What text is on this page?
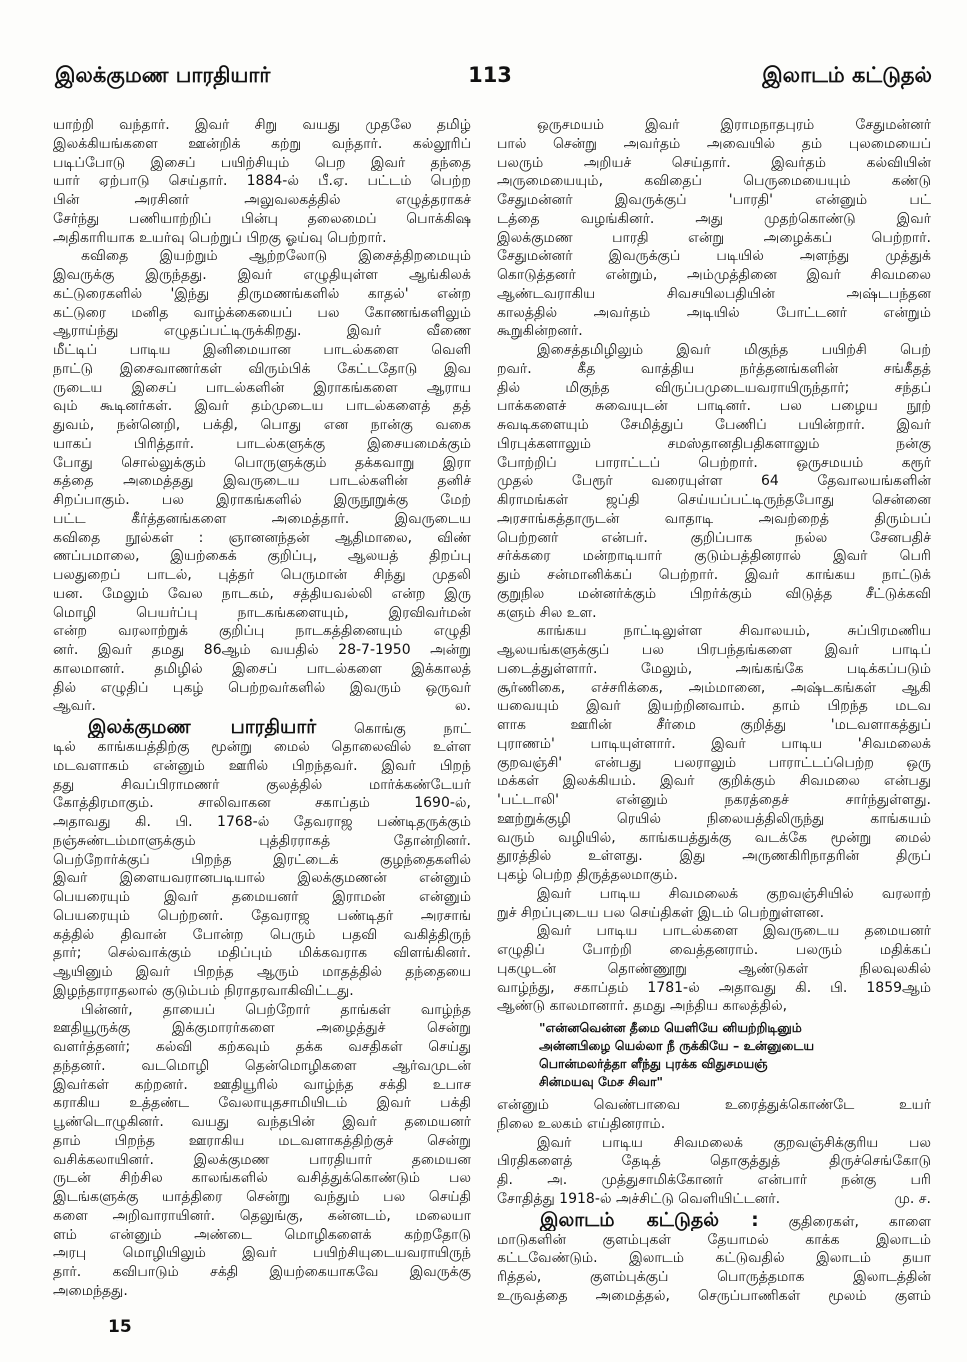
இலக்குமண பாரதியார்	113	இலாடம் கட்டுதல்
யாற்றி வந்தார். இவர் சிறு வயது முதலே தமிழ்
இலக்கியங்களை ஊன்றிக் கற்று வந்தார். கல்லூரிப்
படிப்போடு இசைப் பயிற்சியும் பெற இவர் தந்தை
யார் ஏற்பாடு செய்தார். 1884-ல் பீ.ஏ. பட்டம் பெற்ற
பின் அரசினர் அலுவலகத்தில் எழுத்தராகச்
சேர்ந்து பணியாற்றிப் பின்பு தலைமைப் பொக்கிஷ
அதிகாரியாக உயர்வு பெற்றுப் பிறகு ஓய்வு பெற்றார்.
கவிதை இயற்றும் ஆற்றலோடு இசைத்திறமையும்
இவருக்கு இருந்தது. இவர் எழுதியுள்ள ஆங்கிலக்
கட்டுரைகளில் 'இந்து திருமணங்களில் காதல்' என்ற
கட்டுரை மனித வாழ்க்கையைப் பல கோணங்களிலும்
ஆராய்ந்து எழுதப்பட்டிருக்கிறது. இவர் வீணை
மீட்டிப் பாடிய இனிமையான பாடல்களை வெளி
நாட்டு இசைவாணர்கள் விரும்பிக் கேட்டதோடு இவ
ருடைய இசைப் பாடல்களின் இராகங்களை ஆராய
வும் கூடினர்கள். இவர் தம்முடைய பாடல்களைத் தத்
துவம், நன்னெறி, பக்தி, பொது என நான்கு வகை
யாகப் பிரித்தார். பாடல்களுக்கு இசையமைக்கும்
போது சொல்லுக்கும் பொருளுக்கும் தக்கவாறு இரா
கத்தை அமைத்தது இவருடைய பாடல்களின் தனிச்
சிறப்பாகும். பல இராகங்களில் இருநூறுக்கு மேற்
பட்ட கீர்த்தனங்களை அமைத்தார். இவருடைய
கவிதை நூல்கள் : ஞானனந்தன் ஆதிமாலை, விண்
ணப்பமாலை, இயற்கைக் குறிப்பு, ஆலயத் திறப்பு
பலதுறைப் பாடல், புத்தர் பெருமான் சிந்து முதலி
யன. மேலும் வேல நாடகம், சத்தியவல்லி என்ற இரு
மொழி பெயர்ப்பு நாடகங்களையும், இரவிவர்மன்
என்ற வரலாற்றுக் குறிப்பு நாடகத்தினையும் எழுதி
னர். இவர் தமது 86ஆம் வயதில் 28-7-1950 அன்று
காலமானர். தமிழில் இசைப் பாடல்களை இக்காலத்
தில் எழுதிப் புகழ் பெற்றவர்களில் இவரும் ஒருவர்
ஆவர்.	ல.
இலக்குமண பாரதியார்	கொங்கு நாட்
டில் காங்கயத்திற்கு மூன்று மைல் தொலைவில் உள்ள
மடவளாகம் என்னும் ஊரில் பிறந்தவர். இவர் பிறந்
தது சிவப்பிராமணர் குலத்தில் மார்க்கண்டேயர்
கோத்திரமாகும். சாலிவாகன சகாப்தம் 1690-ல்,
அதாவது கி. பி. 1768-ல் தேவராஜ பண்டிதருக்கும்
நஞ்சுண்டம்மாளுக்கும் புத்திரராகத் தோன்றினர்.
பெற்றோர்க்குப் பிறந்த இரட்டைக் குழந்தைகளில்
இவர் இளையவரானபடியால் இலக்குமணன் என்னும்
பெயரையும் இவர் தமையனர் இராமன் என்னும்
பெயரையும் பெற்றனர். தேவராஜ பண்டிதர் அரசாங்
கத்தில் திவான் போன்ற பெரும் பதவி வகித்திருந்
தார்; செல்வாக்கும் மதிப்பும் மிக்கவராக விளங்கினர்.
ஆயினும் இவர் பிறந்த ஆரும் மாதத்தில் தந்தையை
இழந்தாராதலால் குடும்பம் நிராதரவாகிவிட்டது.
பின்னர், தாயைப் பெற்றோர் தாங்கள் வாழ்ந்த
ஊதியூருக்கு இக்குமாரர்களை அழைத்துச் சென்று
வளர்த்தனர்; கல்வி கற்கவும் தக்க வசதிகள் செய்து
தந்தனர். வடமொழி தென்மொழிகளை ஆர்வமுடன்
இவர்கள் கற்றனர். ஊதியூரில் வாழ்ந்த சக்தி உபாச
கராகிய உத்தண்ட வேலாயுதசாமியிடம் இவர் பக்தி
பூண்டொழுகினர். வயது வந்தபின் இவர் தமையனர்
தாம் பிறந்த ஊராகிய மடவளாகத்திற்குச் சென்று
வசிக்கலாயினர். இலக்குமண பாரதியார் தமையன
ருடன் சிற்சில காலங்களில் வசித்துக்கொண்டும் பல
இடங்களுக்கு யாத்திரை சென்று வந்தும் பல செய்தி
களை அறிவாராயினர். தெலுங்கு, கன்னடம், மலையா
ளம் என்னும் அண்டை மொழிகளைக் கற்றதோடு
அரபு மொழியிலும் இவர் பயிற்சியுடையவராயிருந்
தார். கவிபாடும் சக்தி இயற்கையாகவே இவருக்கு
அமைந்தது.
ஒருசமயம் இவர் இராமநாதபுரம் சேதுமன்னர்
பால் சென்று அவர்தம் அவையில் தம் புலமையைப்
பலரும் அறியச் செய்தார். இவர்தம் கல்வியின்
அருமையையும், கவிதைப் பெருமையையும் கண்டு
சேதுமன்னர் இவருக்குப் 'பாரதி' என்னும் பட்
டத்தை வழங்கினர். அது முதற்கொண்டு இவர்
இலக்குமண பாரதி என்று அழைக்கப் பெற்றார்.
சேதுமன்னர் இவருக்குப் படியில் அளந்து முத்துக்
கொடுத்தனர் என்றும், அம்முத்தினை இவர் சிவமலை
ஆண்டவராகிய சிவசயிலபதியின் அஷ்டபந்தன
காலத்தில் அவர்தம் அடியில் போட்டனர் என்றும்
கூறுகின்றனர்.
இசைத்தமிழிலும் இவர் மிகுந்த பயிற்சி பெற்
றவர். கீத வாத்திய நர்த்தனங்களின் சங்கீதத்
தில் மிகுந்த விருப்பமுடையவராயிருந்தார்; சந்தப்
பாக்களைச் சுவையுடன் பாடினர். பல பழைய நூற்
சுவடிகளையும் சேமித்துப் பேணிப் பயின்றார். இவர்
பிரபுக்களாலும் சமஸ்தானதிபதிகளாலும் நன்கு
போற்றிப் பாராட்டப் பெற்றார். ஒருசமயம் கரூர்
முதல் பேரூர் வரையுள்ள 64 தேவாலயங்களின்
கிராமங்கள் ஜப்தி செய்யப்பட்டிருந்தபோது சென்னை
அரசாங்கத்தாருடன் வாதாடி அவற்றைத் திரும்பப்
பெற்றனர் என்பர். குறிப்பாக நல்ல சேனபதிச்
சர்க்கரை மன்றாடியார் குடும்பத்தினரால் இவர் பெரி
தும் சன்மானிக்கப் பெற்றார். இவர் காங்கய நாட்டுக்
குறுநில மன்னர்க்கும் பிறர்க்கும் விடுத்த சீட்டுக்கவி
களும் சில உள.
காங்கய நாட்டிலுள்ள சிவாலயம், சுப்பிரமணிய
ஆலயங்களுக்குப் பல பிரபந்தங்களை இவர் பாடிப்
படைத்துள்ளார். மேலும், அங்கங்கே படிக்கப்படும்
சூர்ணிகை, எச்சரிக்கை, அம்மானை, அஷ்டகங்கள் ஆகி
யவையும் இவர் இயற்றினவாம். தாம் பிறந்த மடவ
ளாக ஊரின் சீர்மை குறித்து 'மடவளாகத்துப்
புராணம்' பாடியுள்ளார். இவர் பாடிய 'சிவமலைக்
குறவஞ்சி' என்பது பலராலும் பாராட்டப்பெற்ற ஒரு
மக்கள் இலக்கியம். இவர் குறிக்கும் சிவமலை என்பது
'பட்டாலி' என்னும் நகரத்தைச் சார்ந்துள்ளது.
ஊற்றுக்குழி ரெயில் நிலையத்திலிருந்து காங்கயம்
வரும் வழியில், காங்கயத்துக்கு வடக்கே மூன்று மைல்
தூரத்தில் உள்ளது. இது அருணகிரிநாதரின் திருப்
புகழ் பெற்ற திருத்தலமாகும்.
இவர் பாடிய சிவமலைக் குறவஞ்சியில் வரலாற்
றுச் சிறப்புடைய பல செய்திகள் இடம் பெற்றுள்ளன.
இவர் பாடிய பாடல்களை இவருடைய தமையனர்
எழுதிப் போற்றி வைத்தனராம். பலரும் மதிக்கப்
புகழுடன் தொண்ணூறு ஆண்டுகள் நிலவுலகில்
வாழ்ந்து, சகாப்தம் 1781-ல் அதாவது கி. பி. 1859ஆம்
ஆண்டு காலமானார். தமது அந்திய காலத்தில்,
"என்னவென்ன தீமை யெளியே னியற்றிடினும்
அன்னபிழை யெல்லா நீ ருக்கியே – உன்னுடைய
பொன்மலர்த்தா ளீந்து புரக்க விதுசமயஞ்
சின்மயவு மேச சிவா"
என்னும் வெண்பாவை உரைத்துக்கொண்டே உயர்
நிலை உலகம் எய்தினராம்.
இவர் பாடிய சிவமலைக் குறவஞ்சிக்குரிய பல
பிரதிகளைத் தேடித் தொகுத்துத் திருச்செங்கோடு
தி. அ. முத்துசாமிக்கோனர் என்பார் நன்கு பரி
சோதித்து 1918-ல் அச்சிட்டு வெளியிட்டனர்.	மு. ச.
இலாடம் கட்டுதல் : குதிரைகள், காளை
மாடுகளின் குளம்புகள் தேயாமல் காக்க இலாடம்
கட்டவேண்டும். இலாடம் கட்டுவதில் இலாடம் தயா
ரித்தல், குளம்புக்குப் பொருத்தமாக இலாடத்தின்
உருவத்தை அமைத்தல், செருப்பாணிகள் மூலம் குளம்
15
